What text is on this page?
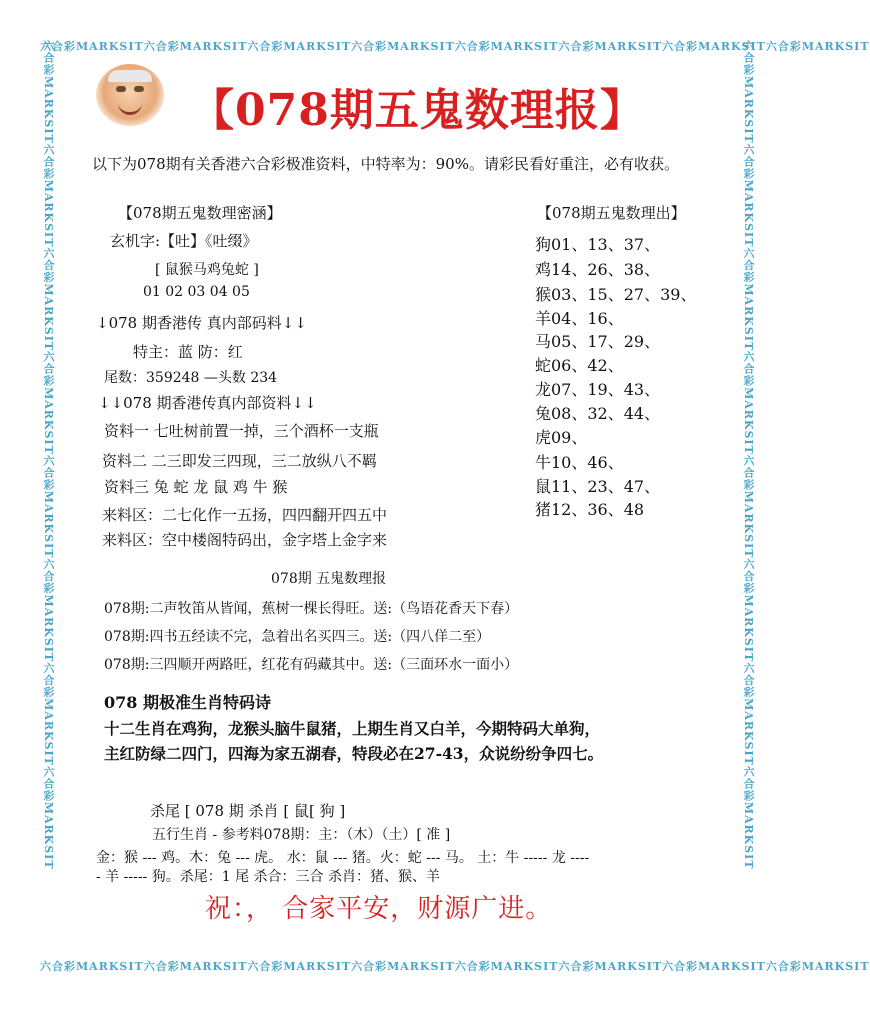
六合彩MARKSIT六合彩MARKSIT六合彩MARKSIT六合彩MARKSIT六合彩MARKSIT六合彩MARKSIT六合彩MARKSIT六合彩MARKSIT
六合彩MARKSIT六合彩MARKSIT六合彩MARKSIT六合彩MARKSIT六合彩MARKSIT六合彩MARKSIT六合彩MARKSIT六合彩MARKSIT
六合彩MARKSIT六合彩MARKSIT六合彩MARKSIT六合彩MARKSIT六合彩MARKSIT六合彩MARKSIT六合彩MARKSIT六合彩MARKSIT	六合彩MARKSIT六合彩MARKSIT六合彩MARKSIT六合彩MARKSIT六合彩MARKSIT六合彩MARKSIT六合彩MARKSIT六合彩MARKSIT
【078期五鬼数理报】
以下为078期有关香港六合彩极准资料，中特率为：90%。请彩民看好重注，必有收获。
【078期五鬼数理密涵】
玄机字:【吐】《吐缀》
[ 鼠猴马鸡兔蛇 ]
01 02 03 04 05
↓078 期香港传 真内部码料↓↓
特主：蓝 防：红
尾数：359248 —头数 234
↓↓078 期香港传真内部资料↓↓
资料一 七吐树前置一掉，三个酒杯一支瓶
资料二 二三即发三四现，三二放纵八不羁
资料三 兔 蛇 龙 鼠 鸡 牛 猴
来料区：二七化作一五扬，四四翻开四五中
来料区：空中楼阁特码出，金字塔上金字来
【078期五鬼数理出】
狗01、13、37、
鸡14、26、38、
猴03、15、27、39、
羊04、16、
马05、17、29、
蛇06、42、
龙07、19、43、
兔08、32、44、
虎09、
牛10、46、
鼠11、23、47、
猪12、36、48
078期 五鬼数理报
078期:二声牧笛从皆闻，蕉树一棵长得旺。送:（鸟语花香天下春）
078期:四书五经读不完，急着出名买四三。送:（四八佯二至）
078期:三四顺开两路旺，红花有码藏其中。送:（三面环水一面小）
078 期极准生肖特码诗
十二生肖在鸡狗，龙猴头脑牛鼠猪，上期生肖又白羊，今期特码大单狗，
主红防绿二四门，四海为家五湖春，特段必在27-43，众说纷纷争四七。
杀尾 [ 078 期 杀肖 [ 鼠[ 狗 ]
五行生肖 - 参考料078期：主：（木）（土）[ 准 ]
金：猴 --- 鸡。木：兔 --- 虎。 水：鼠 --- 猪。火：蛇 --- 马。 土：牛 ----- 龙 ----
- 羊 ----- 狗。杀尾：1 尾 杀合：三合 杀肖：猪、猴、羊
祝：， 合家平安，财源广进。
